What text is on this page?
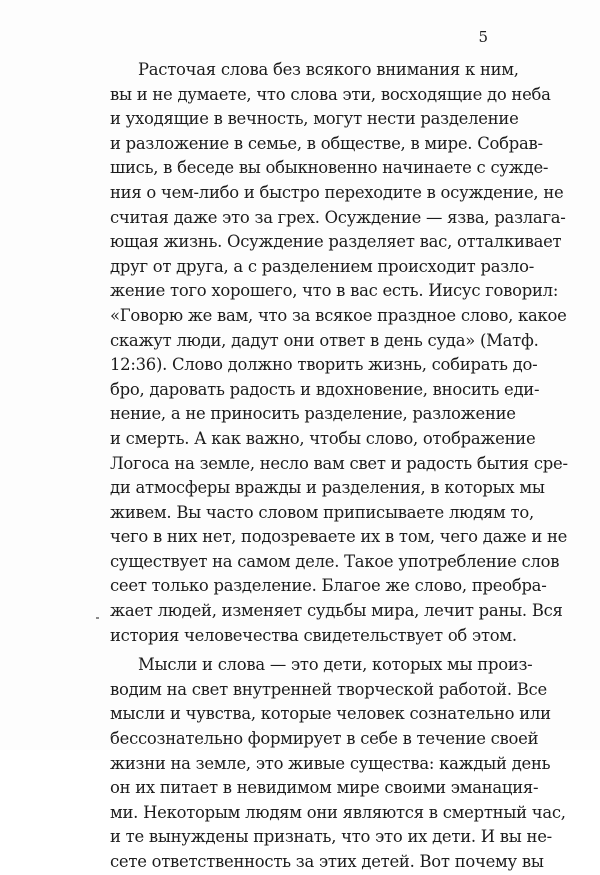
5
Расточая слова без всякого внимания к ним,
вы и не думаете, что слова эти, восходящие до неба
и уходящие в вечность, могут нести разделение
и разложение в семье, в обществе, в мире. Собрав-
шись, в беседе вы обыкновенно начинаете с сужде-
ния о чем-либо и быстро переходите в осуждение, не
считая даже это за грех. Осуждение — язва, разлага-
ющая жизнь. Осуждение разделяет вас, отталкивает
друг от друга, а с разделением происходит разло-
жение того хорошего, что в вас есть. Иисус говорил:
«Говорю же вам, что за всякое праздное слово, какое
скажут люди, дадут они ответ в день суда» (Матф.
12:36). Слово должно творить жизнь, собирать до-
бро, даровать радость и вдохновение, вносить еди-
нение, а не приносить разделение, разложение
и смерть. А как важно, чтобы слово, отображение
Логоса на земле, несло вам свет и радость бытия сре-
ди атмосферы вражды и разделения, в которых мы
живем. Вы часто словом приписываете людям то,
чего в них нет, подозреваете их в том, чего даже и не
существует на самом деле. Такое употребление слов
сеет только разделение. Благое же слово, преобра-
жает людей, изменяет судьбы мира, лечит раны. Вся
история человечества свидетельствует об этом.
Мысли и слова — это дети, которых мы произ-
водим на свет внутренней творческой работой. Все
мысли и чувства, которые человек сознательно или
бессознательно формирует в себе в течение своей
жизни на земле, это живые существа: каждый день
он их питает в невидимом мире своими эманация-
ми. Некоторым людям они являются в смертный час,
и те вынуждены признать, что это их дети. И вы не-
сете ответственность за этих детей. Вот почему вы
